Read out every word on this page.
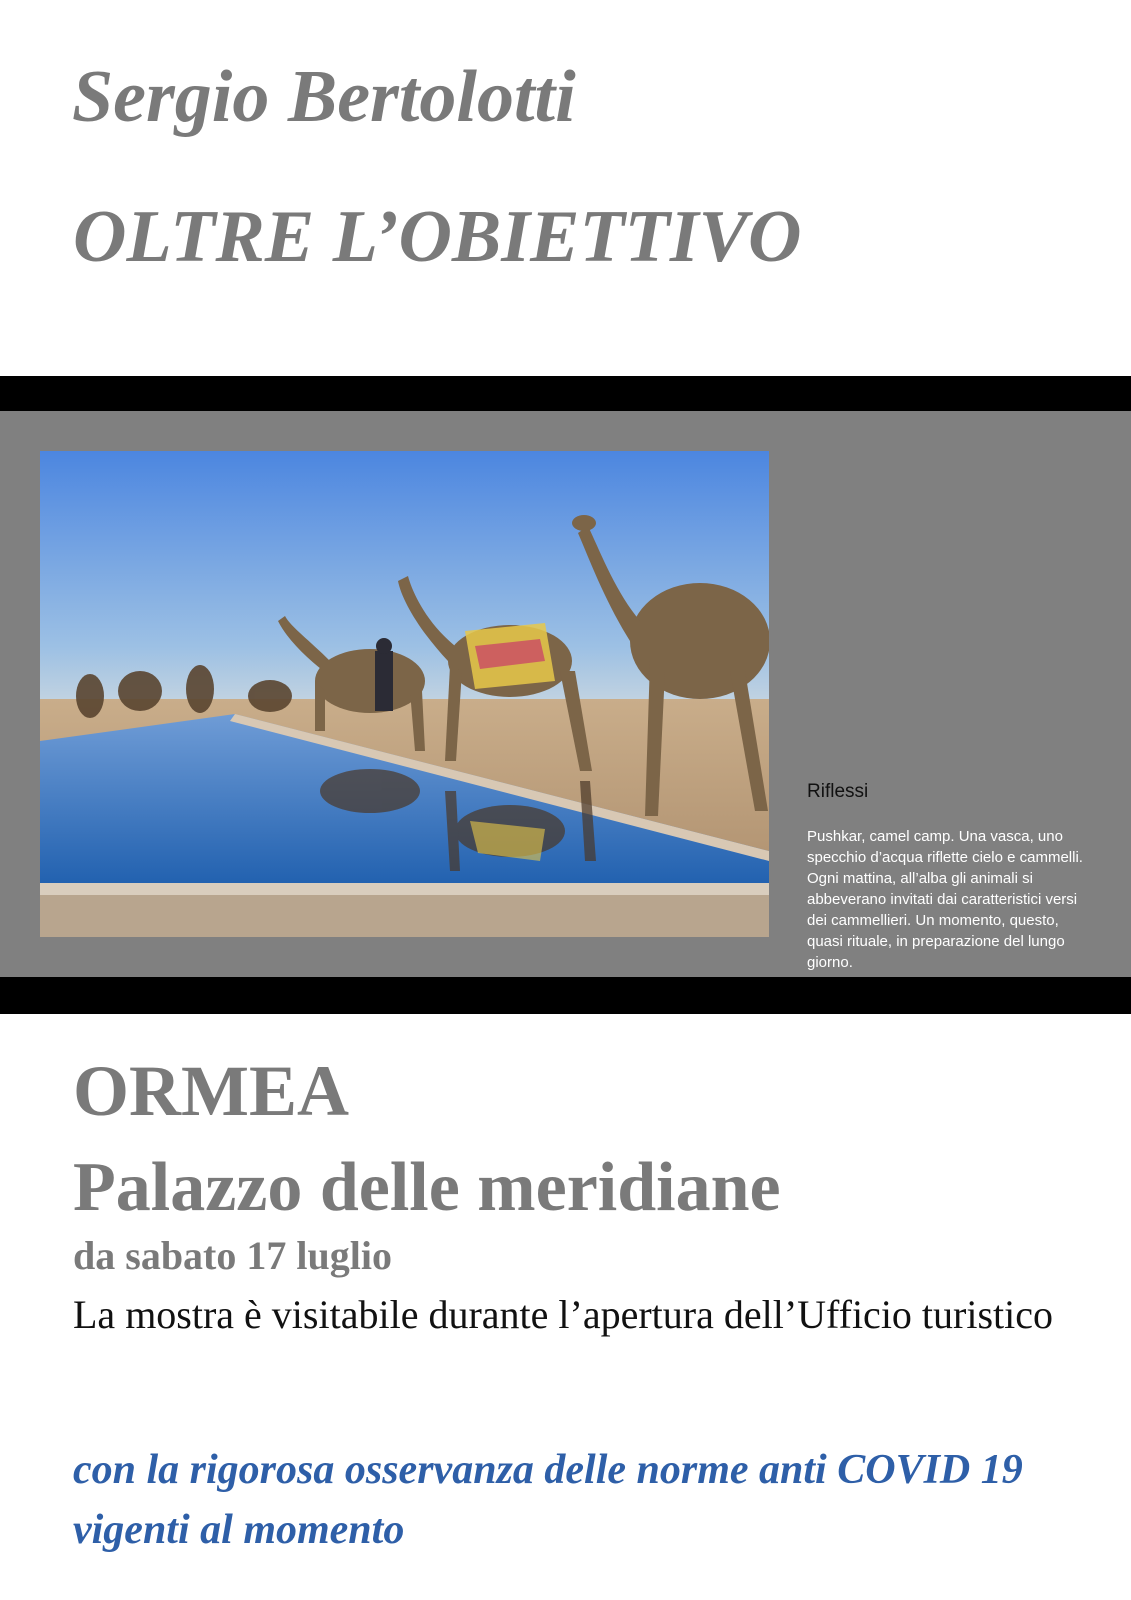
Sergio Bertolotti
OLTRE L’OBIETTIVO
Riflessi

Pushkar, camel camp. Una vasca, uno specchio d’acqua riflette cielo e cammelli. Ogni mattina, all’alba gli animali si abbeverano invitati dai caratteristici versi dei cammellieri. Un momento, questo, quasi rituale, in preparazione del lungo giorno.

ORMEA
Palazzo delle meridiane
da sabato 17 luglio

La mostra è visitabile durante l’apertura dell’Ufficio turistico

con la rigorosa osservanza delle norme anti COVID 19 vigenti al momento
